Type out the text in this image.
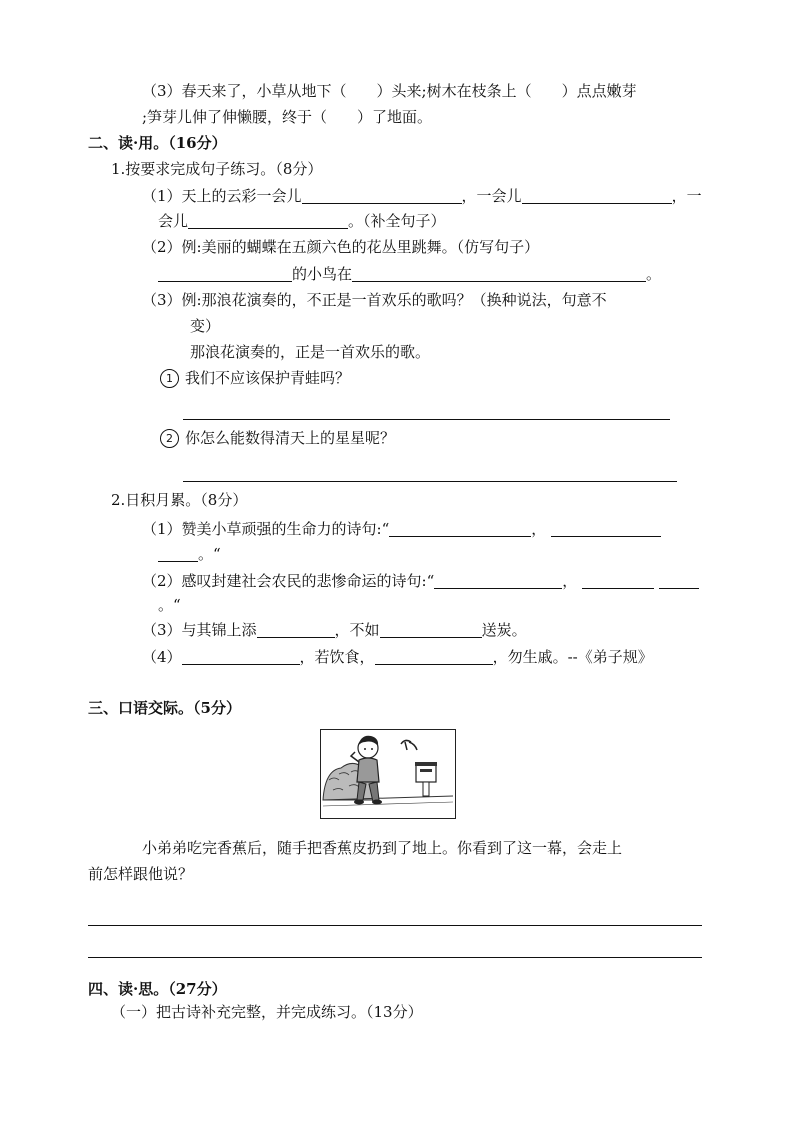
（3）春天来了，小草从地下（　　）头来;树木在枝条上（　　）点点嫩芽
;笋芽儿伸了伸懒腰，终于（　　）了地面。
二、读·用。（16分）
1.按要求完成句子练习。（8分）
（1）天上的云彩一会儿	，一会儿	，一
会儿	。（补全句子）
（2）例:美丽的蝴蝶在五颜六色的花丛里跳舞。（仿写句子）
的小鸟在	。
（3）例:那浪花演奏的，不正是一首欢乐的歌吗？（换种说法，句意不
变）
那浪花演奏的，正是一首欢乐的歌。
1 我们不应该保护青蛙吗？
2 你怎么能数得清天上的星星呢？
2.日积月累。（8分）
（1）赞美小草顽强的生命力的诗句:“	，
。“
（2）感叹封建社会农民的悲惨命运的诗句:“	，
。“
（3）与其锦上添	，不如	送炭。
（4）	，若饮食，	，勿生戚。--《弟子规》
三、口语交际。（5分）
小弟弟吃完香蕉后，随手把香蕉皮扔到了地上。你看到了这一幕，会走上
前怎样跟他说？
四、读·思。（27分）
（一）把古诗补充完整，并完成练习。（13分）
